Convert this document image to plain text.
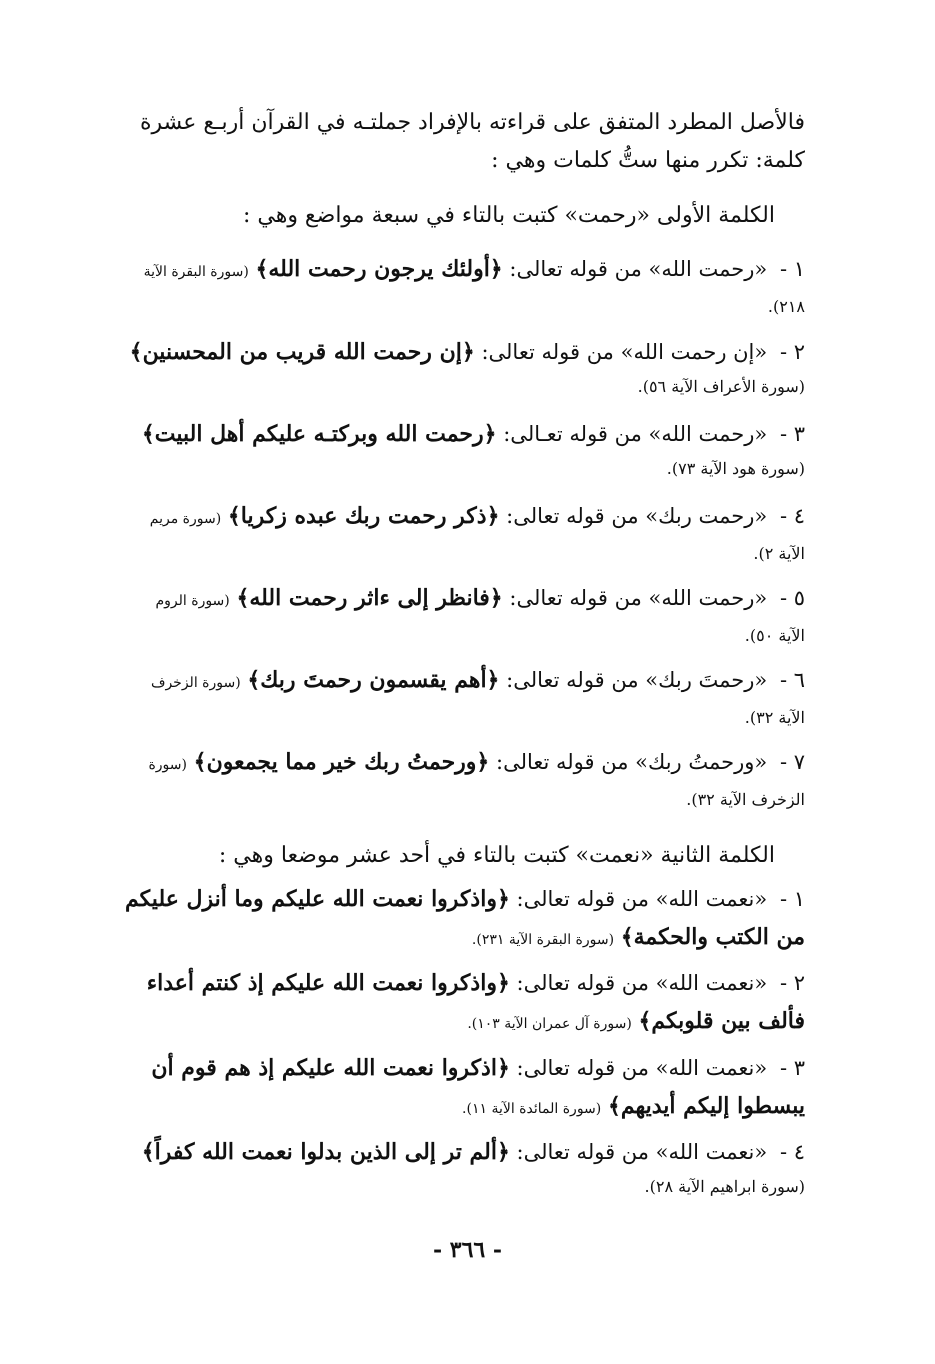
فالأصل المطرد المتفق على قراءته بالإفراد جملتـه في القرآن أربـع عشرة
كلمة: تكرر منها ستُّ كلمات وهي :
الكلمة الأولى «رحمت» كتبت بالتاء في سبعة مواضع وهي :
١ - «رحمت الله» من قوله تعالى: ﴿أولئك يرجون رحمت الله﴾ (سورة البقرة الآية
٢١٨).
٢ - «إن رحمت الله» من قوله تعالى: ﴿إن رحمت الله قريب من المحسنين﴾
(سورة الأعراف الآية ٥٦).
٣ - «رحمت الله» من قوله تعـالى: ﴿رحمت الله وبركتـه عليكم أهل البيت﴾
(سورة هود الآية ٧٣).
٤ - «رحمت ربك» من قوله تعالى: ﴿ذكر رحمت ربك عبده زكريا﴾ (سورة مريم
الآية ٢).
٥ - «رحمت الله» من قوله تعالى: ﴿فانظر إلى ءاثر رحمت الله﴾ (سورة الروم
الآية ٥٠).
٦ - «رحمتَ ربك» من قوله تعالى: ﴿أهم يقسمون رحمتَ ربك﴾ (سورة الزخرف
الآية ٣٢).
٧ - «ورحمتُ ربك» من قوله تعالى: ﴿ورحمتُ ربك خير مما يجمعون﴾ (سورة
الزخرف الآية ٣٢).
الكلمة الثانية «نعمت» كتبت بالتاء في أحد عشر موضعا وهي :
١ - «نعمت الله» من قوله تعالى: ﴿واذكروا نعمت الله عليكم وما أنزل عليكم
من الكتب والحكمة﴾ (سورة البقرة الآية ٢٣١).
٢ - «نعمت الله» من قوله تعالى: ﴿واذكروا نعمت الله عليكم إذ كنتم أعداء
فألف بين قلوبكم﴾ (سورة آل عمران الآية ١٠٣).
٣ - «نعمت الله» من قوله تعالى: ﴿اذكروا نعمت الله عليكم إذ هم قوم أن
يبسطوا إليكم أيديهم﴾ (سورة المائدة الآية ١١).
٤ - «نعمت الله» من قوله تعالى: ﴿ألم تر إلى الذين بدلوا نعمت الله كفراً﴾
(سورة ابراهيم الآية ٢٨).
- ٣٦٦ -
